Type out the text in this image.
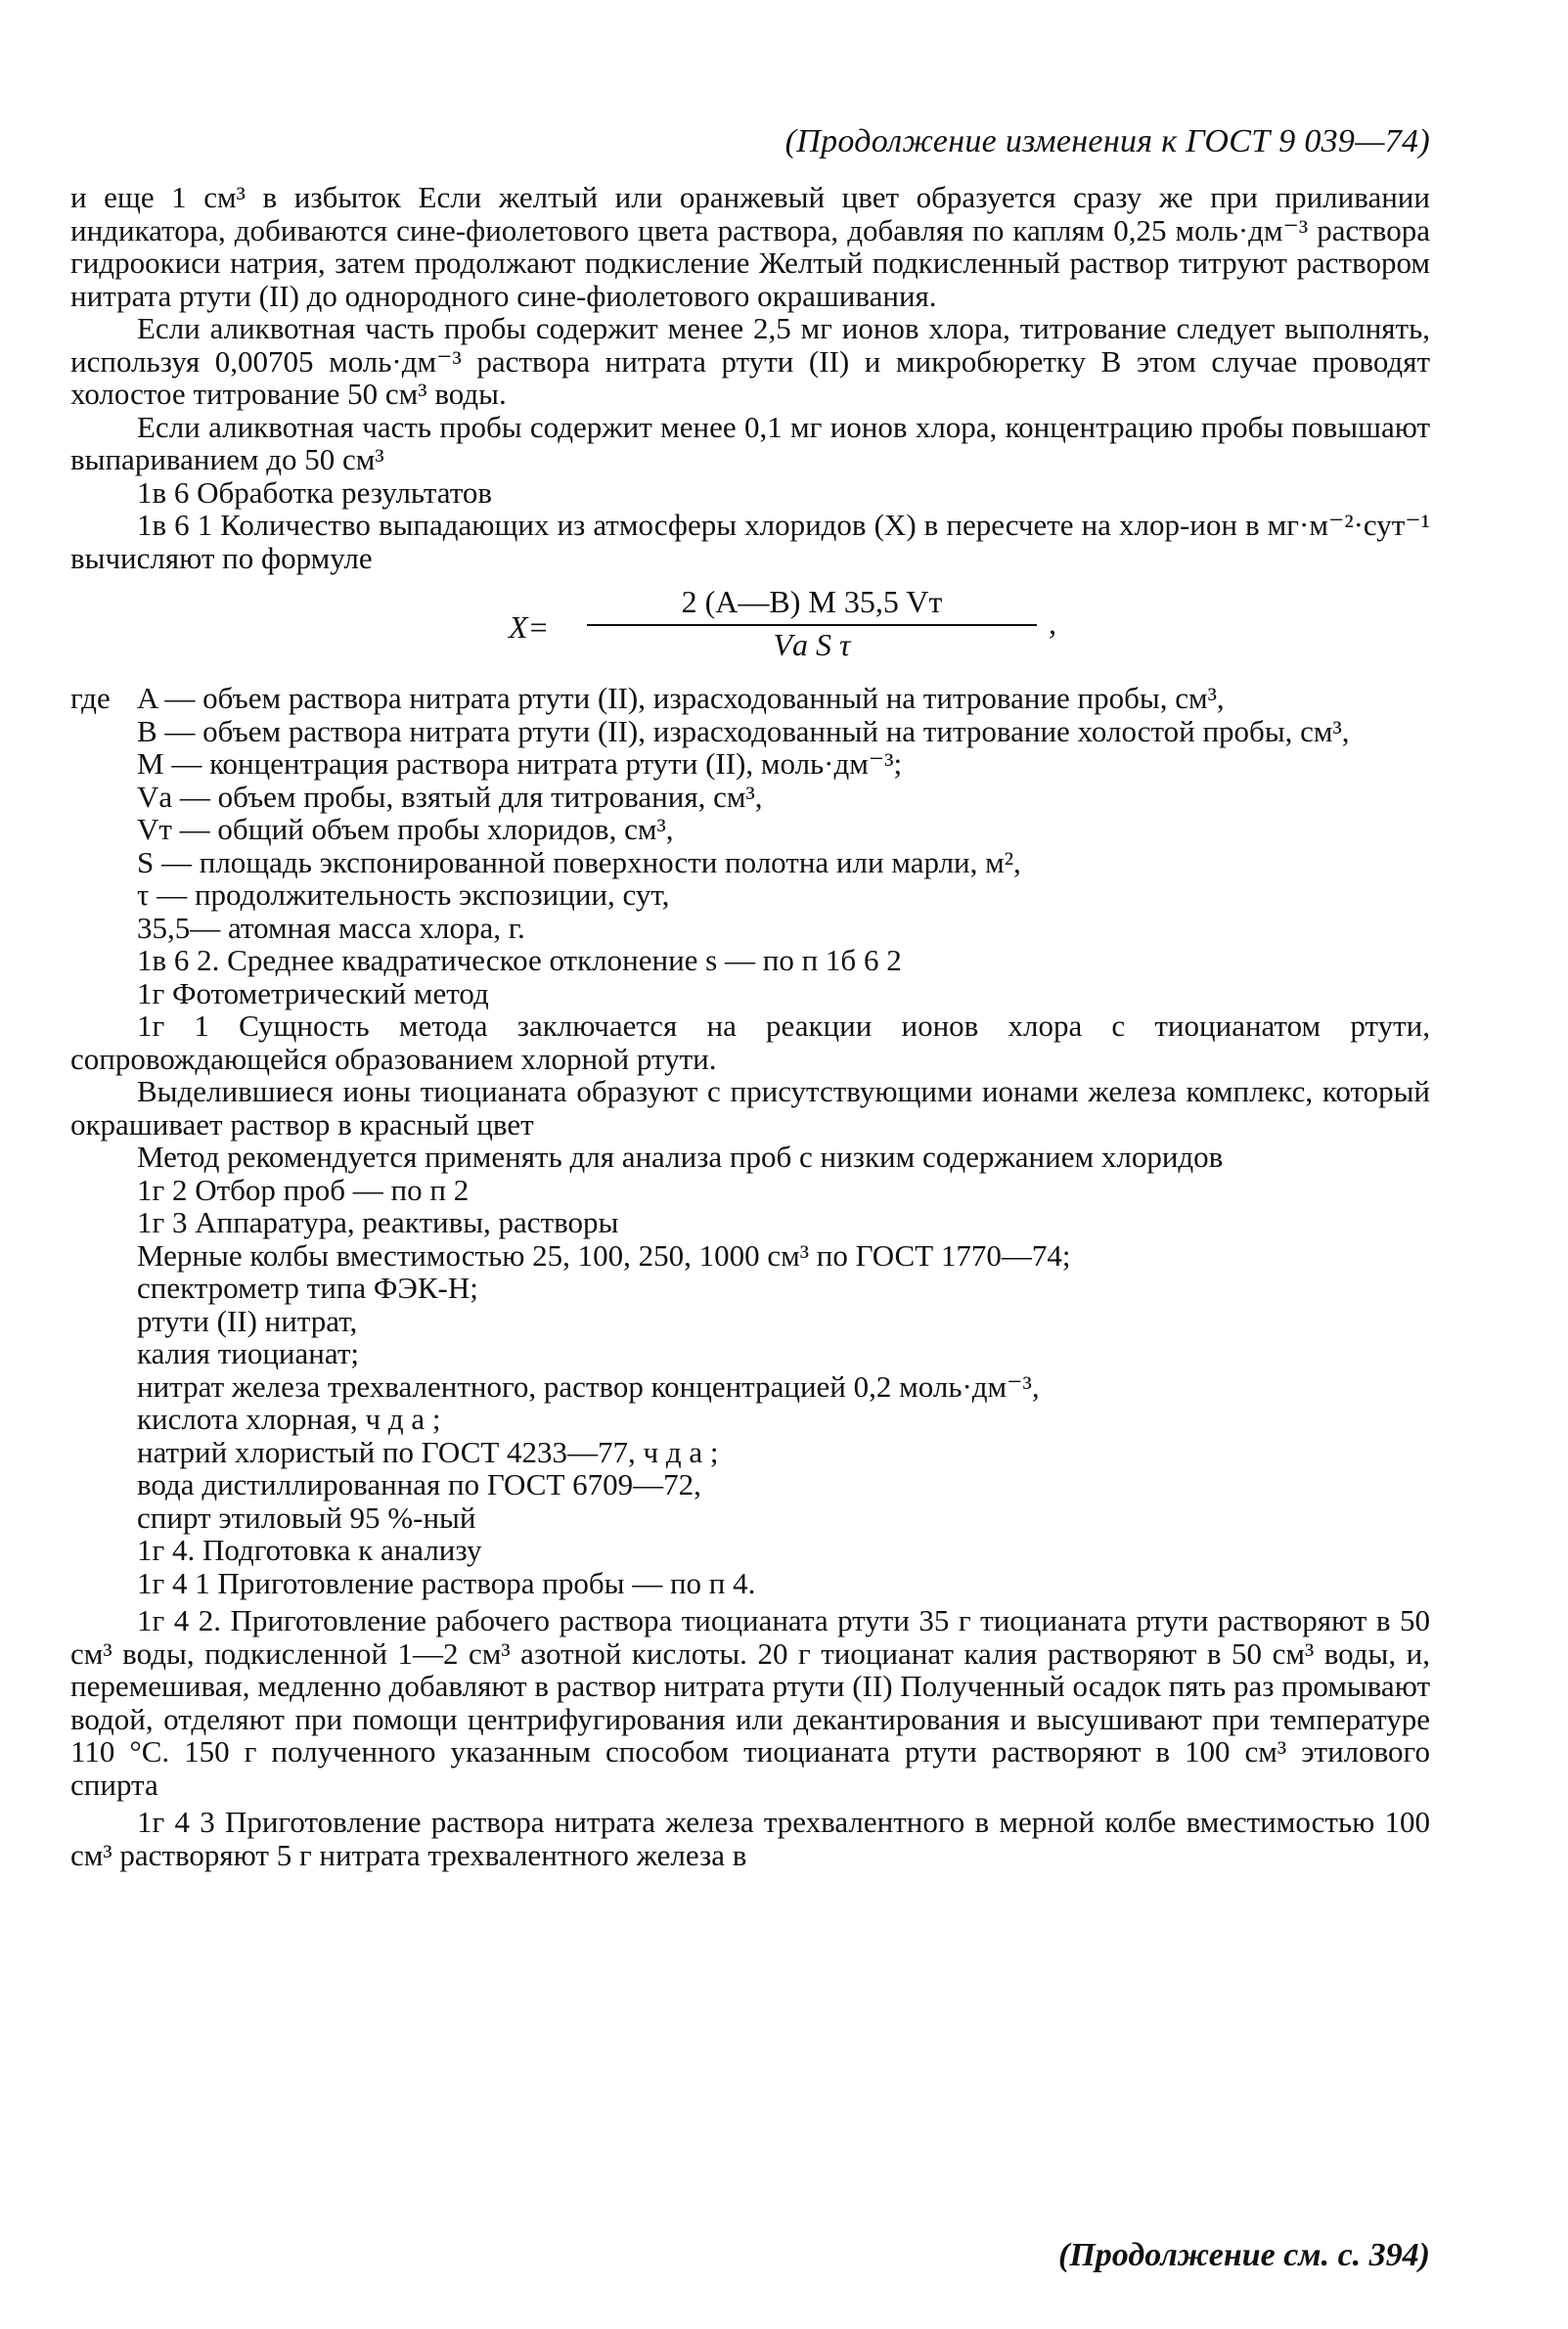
(Продолжение изменения к ГОСТ 9 039—74)

и еще 1 см³ в избыток Если желтый или оранжевый цвет образуется сразу же при приливании индикатора, добиваются сине-фиолетового цвета раствора, добавляя по каплям 0,25 моль·дм⁻³ раствора гидроокиси натрия, затем продолжают подкисление Желтый подкисленный раствор титруют раствором нитрата ртути (II) до однородного сине-фиолетового окрашивания.

Если аликвотная часть пробы содержит менее 2,5 мг ионов хлора, титрование следует выполнять, используя 0,00705 моль·дм⁻³ раствора нитрата ртути (II) и микробюретку В этом случае проводят холостое титрование 50 см³ воды.

Если аликвотная часть пробы содержит менее 0,1 мг ионов хлора, концентрацию пробы повышают выпариванием до 50 см³

1в 6 Обработка результатов

1в 6 1 Количество выпадающих из атмосферы хлоридов (X) в пересчете на хлор-ион в мг·м⁻²·сут⁻¹ вычисляют по формуле

X=
2 (A—B) M 35,5 Vт
Vа S τ
,
где A — объем раствора нитрата ртути (II), израсходованный на титрование пробы, см³,

B — объем раствора нитрата ртути (II), израсходованный на титрование холостой пробы, см³,

M — концентрация раствора нитрата ртути (II), моль·дм⁻³;

Vа — объем пробы, взятый для титрования, см³,

Vт — общий объем пробы хлоридов, см³,

S — площадь экспонированной поверхности полотна или марли, м²,

τ — продолжительность экспозиции, сут,

35,5— атомная масса хлора, г.

1в 6 2. Среднее квадратическое отклонение s — по п 1б 6 2

1г Фотометрический метод

1г 1 Сущность метода заключается на реакции ионов хлора с тиоцианатом ртути, сопровождающейся образованием хлорной ртути.

Выделившиеся ионы тиоцианата образуют с присутствующими ионами железа комплекс, который окрашивает раствор в красный цвет

Метод рекомендуется применять для анализа проб с низким содержанием хлоридов

1г 2 Отбор проб — по п 2

1г 3 Аппаратура, реактивы, растворы

Мерные колбы вместимостью 25, 100, 250, 1000 см³ по ГОСТ 1770—74;

спектрометр типа ФЭК-Н;

ртути (II) нитрат,

калия тиоцианат;

нитрат железа трехвалентного, раствор концентрацией 0,2 моль·дм⁻³,

кислота хлорная, ч д а ;

натрий хлористый по ГОСТ 4233—77, ч д а ;

вода дистиллированная по ГОСТ 6709—72,

спирт этиловый 95 %-ный

1г 4. Подготовка к анализу

1г 4 1 Приготовление раствора пробы — по п 4.

1г 4 2. Приготовление рабочего раствора тиоцианата ртути 35 г тиоцианата ртути растворяют в 50 см³ воды, подкисленной 1—2 см³ азотной кислоты. 20 г тиоцианат калия растворяют в 50 см³ воды, и, перемешивая, медленно добавляют в раствор нитрата ртути (II) Полученный осадок пять раз промывают водой, отделяют при помощи центрифугирования или декантирования и высушивают при температуре 110 °С. 150 г полученного указанным способом тиоцианата ртути растворяют в 100 см³ этилового спирта

1г 4 3 Приготовление раствора нитрата железа трехвалентного в мерной колбе вместимостью 100 см³ растворяют 5 г нитрата трехвалентного железа в

(Продолжение см. с. 394)
